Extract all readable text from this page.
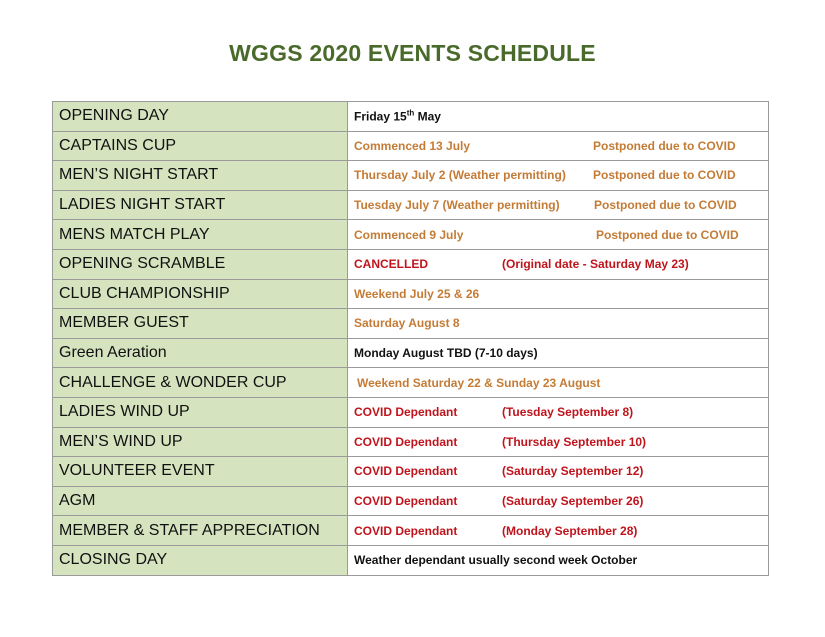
WGGS 2020 EVENTS SCHEDULE
OPENING DAY	Friday 15th May

CAPTAINS CUP	Commenced 13 July Postponed due to COVID

MEN’S NIGHT START	Thursday July 2 (Weather permitting) Postponed due to COVID

LADIES NIGHT START	Tuesday July 7 (Weather permitting) Postponed due to COVID

MENS MATCH PLAY	Commenced 9 July Postponed due to COVID

OPENING SCRAMBLE	CANCELLED (Original date - Saturday May 23)

CLUB CHAMPIONSHIP	Weekend July 25 & 26

MEMBER GUEST	Saturday August 8

Green Aeration	Monday August TBD (7-10 days)

CHALLENGE & WONDER CUP	Weekend Saturday 22 & Sunday 23 August

LADIES WIND UP	COVID Dependant (Tuesday September 8)

MEN’S WIND UP	COVID Dependant (Thursday September 10)

VOLUNTEER EVENT	COVID Dependant (Saturday September 12)

AGM	COVID Dependant (Saturday September 26)

MEMBER & STAFF APPRECIATION	COVID Dependant (Monday September 28)

CLOSING DAY	Weather dependant usually second week October
